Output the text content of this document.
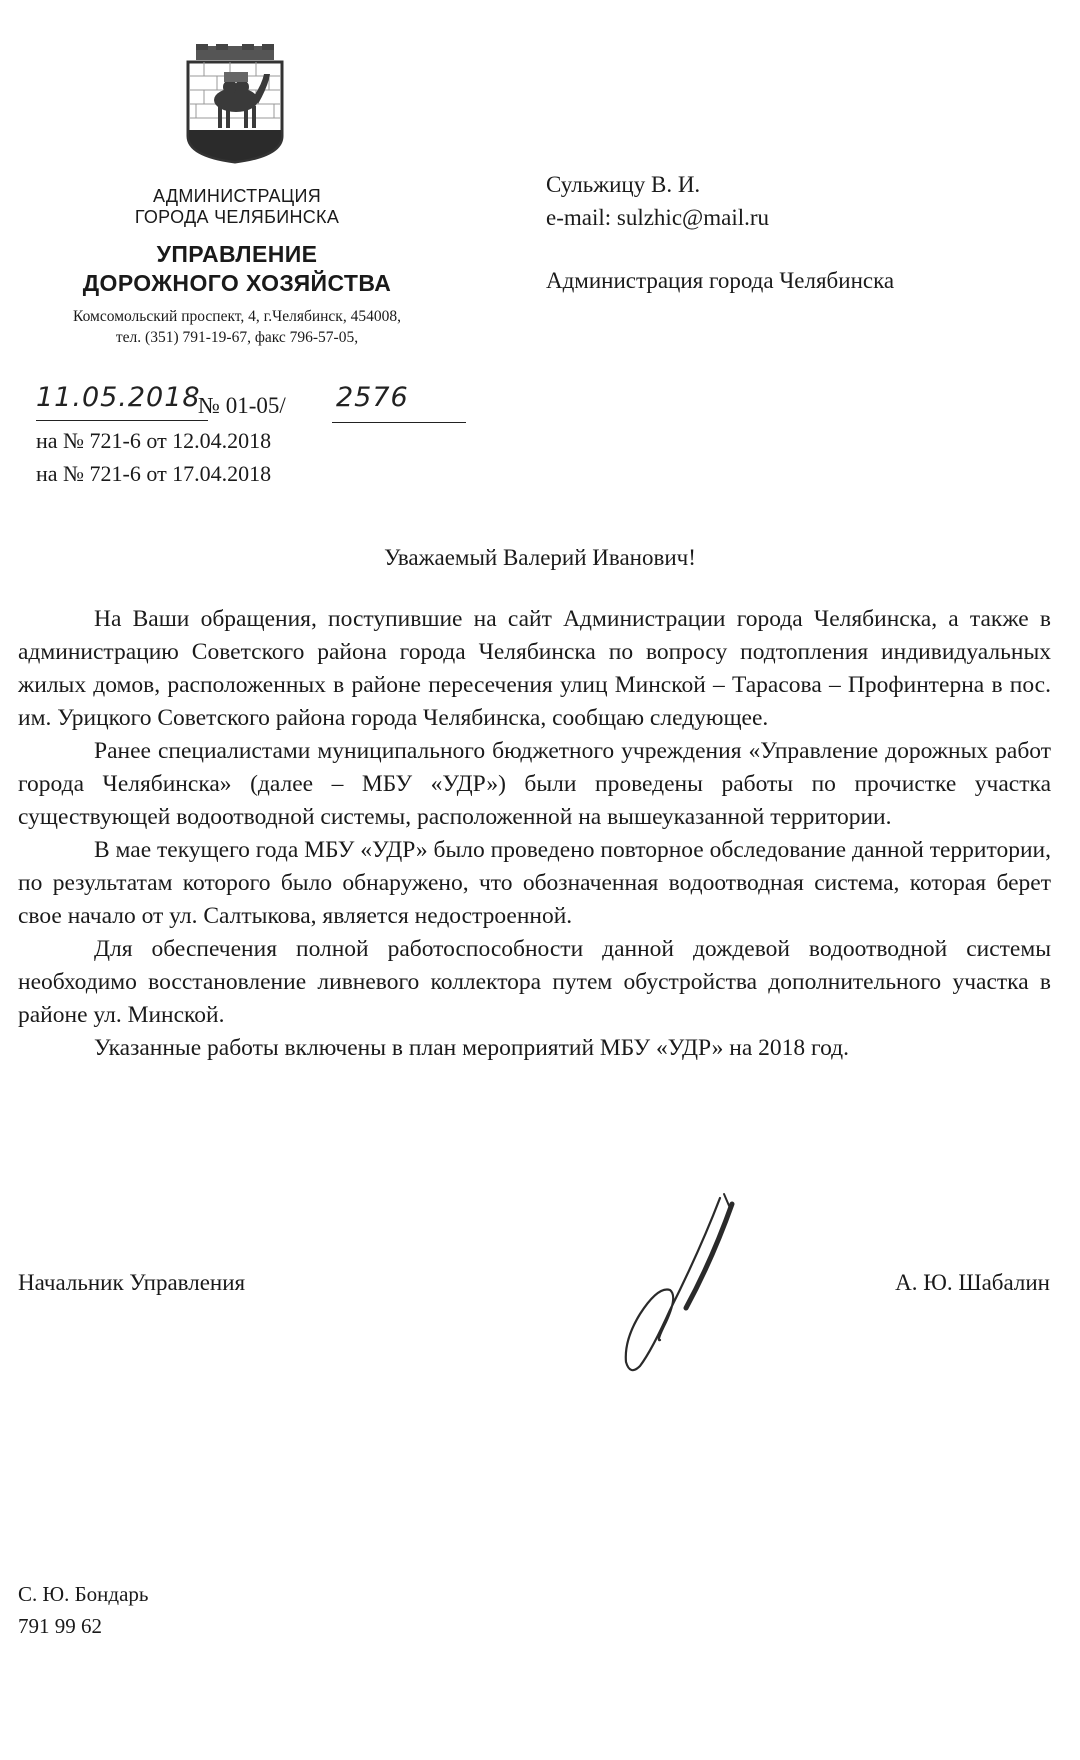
АДМИНИСТРАЦИЯ
ГОРОДА ЧЕЛЯБИНСКА
УПРАВЛЕНИЕ
ДОРОЖНОГО ХОЗЯЙСТВА
Комсомольский проспект, 4, г.Челябинск, 454008,
тел. (351) 791-19-67, факс 796-57-05,
11.05.2018
№ 01-05/ 2576
на № 721-6 от 12.04.2018
на № 721-6 от 17.04.2018
Сульжицу В. И.
e-mail: sulzhic@mail.ru
Администрация города Челябинска
Уважаемый Валерий Иванович!

На Ваши обращения, поступившие на сайт Администрации города Челябинска, а также в администрацию Советского района города Челябинска по вопросу подтопления индивидуальных жилых домов, расположенных в районе пересечения улиц Минской – Тарасова – Профинтерна в пос. им. Урицкого Советского района города Челябинска, сообщаю следующее.

Ранее специалистами муниципального бюджетного учреждения «Управление дорожных работ города Челябинска» (далее – МБУ «УДР») были проведены работы по прочистке участка существующей водоотводной системы, расположенной на вышеуказанной территории.

В мае текущего года МБУ «УДР» было проведено повторное обследование данной территории, по результатам которого было обнаружено, что обозначенная водоотводная система, которая берет свое начало от ул. Салтыкова, является недостроенной.

Для обеспечения полной работоспособности данной дождевой водоотводной системы необходимо восстановление ливневого коллектора путем обустройства дополнительного участка в районе ул. Минской.

Указанные работы включены в план мероприятий МБУ «УДР» на 2018 год.

Начальник Управления	А. Ю. Шабалин
С. Ю. Бондарь
791 99 62
